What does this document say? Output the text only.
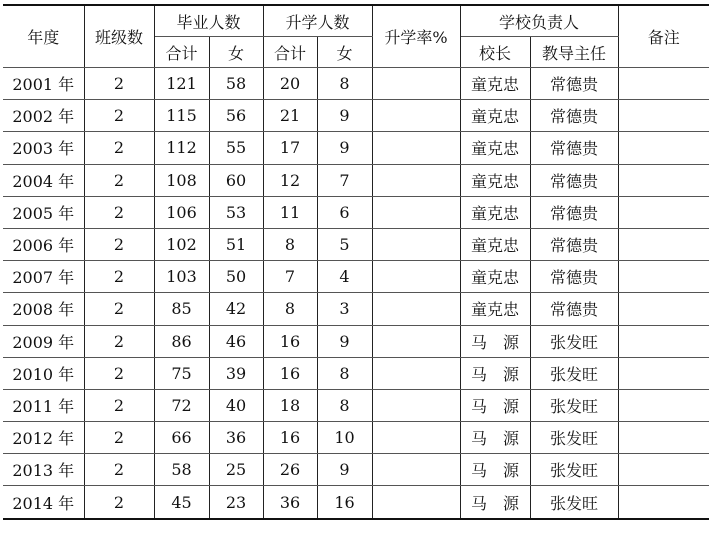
年度	班级数	毕业人数		升学人数		升学率%	学校负责人		备注
		合计	女	合计	女		校长	教导主任	
2001 年	2	121	58	20	8		童克忠	常德贵	
2002 年	2	115	56	21	9		童克忠	常德贵	
2003 年	2	112	55	17	9		童克忠	常德贵	
2004 年	2	108	60	12	7		童克忠	常德贵	
2005 年	2	106	53	11	6		童克忠	常德贵	
2006 年	2	102	51	8	5		童克忠	常德贵	
2007 年	2	103	50	7	4		童克忠	常德贵	
2008 年	2	85	42	8	3		童克忠	常德贵	
2009 年	2	86	46	16	9		马　源	张发旺	
2010 年	2	75	39	16	8		马　源	张发旺	
2011 年	2	72	40	18	8		马　源	张发旺	
2012 年	2	66	36	16	10		马　源	张发旺	
2013 年	2	58	25	26	9		马　源	张发旺	
2014 年	2	45	23	36	16		马　源	张发旺	
